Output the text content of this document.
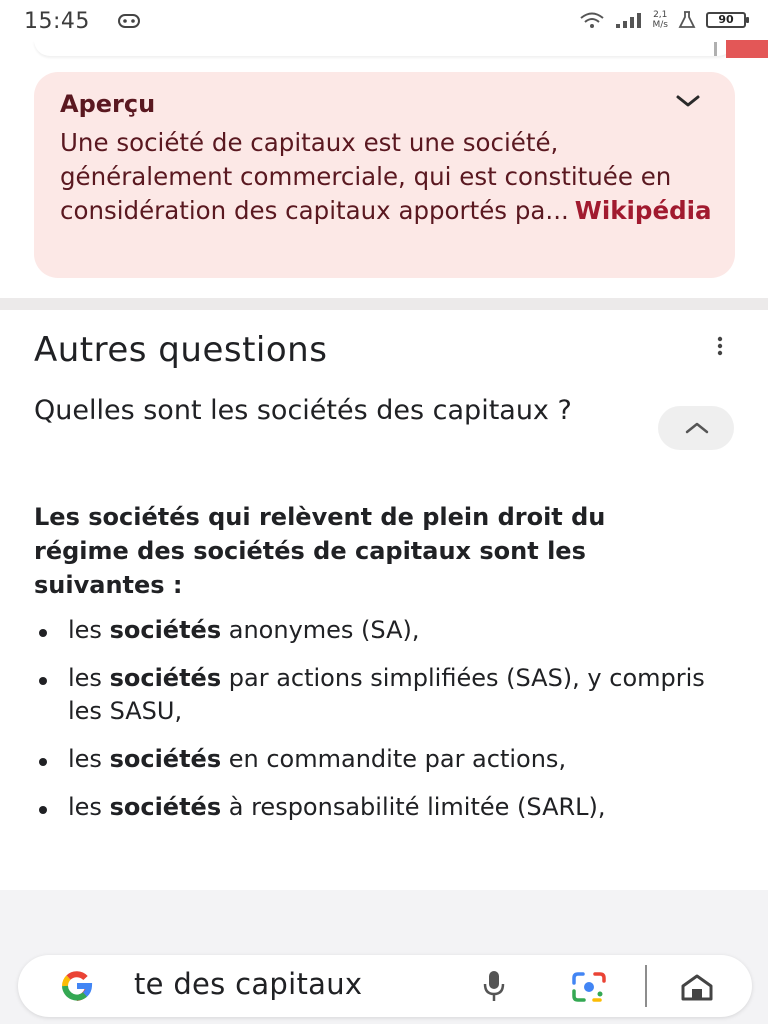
15:45	2,1
M/s	90
Aperçu
Une société de capitaux est une société, généralement commerciale, qui est constituée en considération des capitaux apportés pa... Wikipédia
Autres questions
Quelles sont les sociétés des capitaux ?
Les sociétés qui relèvent de plein droit du régime des sociétés de capitaux sont les suivantes :
les sociétés anonymes (SA),
les sociétés par actions simplifiées (SAS), y compris les SASU,
les sociétés en commandite par actions,
les sociétés à responsabilité limitée (SARL),
te des capitaux
